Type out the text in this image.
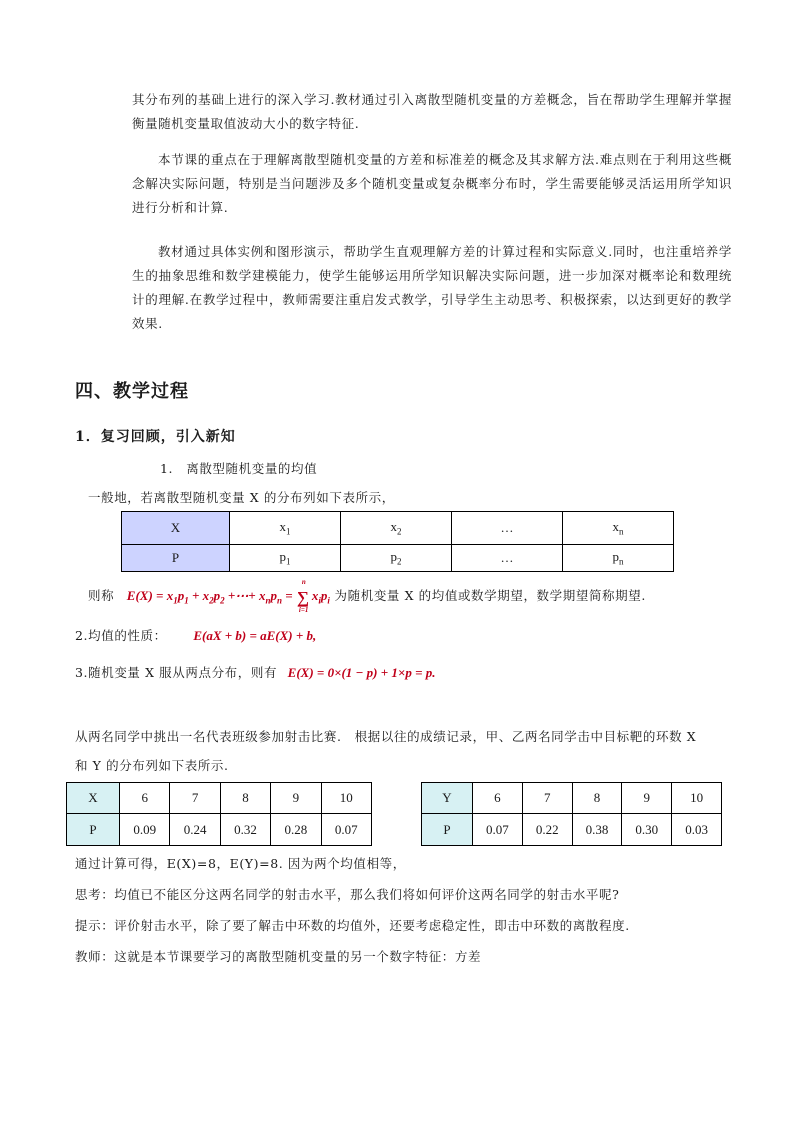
其分布列的基础上进行的深入学习.教材通过引入离散型随机变量的方差概念，旨在帮助学生理解并掌握衡量随机变量取值波动大小的数字特征.

本节课的重点在于理解离散型随机变量的方差和标准差的概念及其求解方法.难点则在于利用这些概念解决实际问题，特别是当问题涉及多个随机变量或复杂概率分布时，学生需要能够灵活运用所学知识进行分析和计算.

教材通过具体实例和图形演示，帮助学生直观理解方差的计算过程和实际意义.同时，也注重培养学生的抽象思维和数学建模能力，使学生能够运用所学知识解决实际问题，进一步加深对概率论和数理统计的理解.在教学过程中，教师需要注重启发式教学，引导学生主动思考、积极探索，以达到更好的教学效果.

四、教学过程
1．复习回顾，引入新知
1.　离散型随机变量的均值
一般地，若离散型随机变量 X 的分布列如下表所示，
X	$x_1$	$x_2$	…	$x_n$
P	$p_1$	$p_2$	…	$p_n$
则称 $E(X) = x_1p_1 + x_2p_2$ +⋯+ $x_np_n$ = ∑
n
i=1
$x_ip_i$ 为随机变量 X 的均值或数学期望，数学期望简称期望.
2.均值的性质： E(aX + b) = aE(X) + b,
3.随机变量 X 服从两点分布，则有 E(X) = 0×(1 − p) + 1×p = p.
从两名同学中挑出一名代表班级参加射击比赛.　根据以往的成绩记录，甲、乙两名同学击中目标靶的环数 X
和 Y 的分布列如下表所示.
X	6	7	8	9	10
P	0.09	0.24	0.32	0.28	0.07
Y	6	7	8	9	10
P	0.07	0.22	0.38	0.30	0.03
通过计算可得，E(X)=8，E(Y)=8. 因为两个均值相等，
思考：均值已不能区分这两名同学的射击水平，那么我们将如何评价这两名同学的射击水平呢?
提示：评价射击水平，除了要了解击中环数的均值外，还要考虑稳定性，即击中环数的离散程度.
教师：这就是本节课要学习的离散型随机变量的另一个数字特征：方差
